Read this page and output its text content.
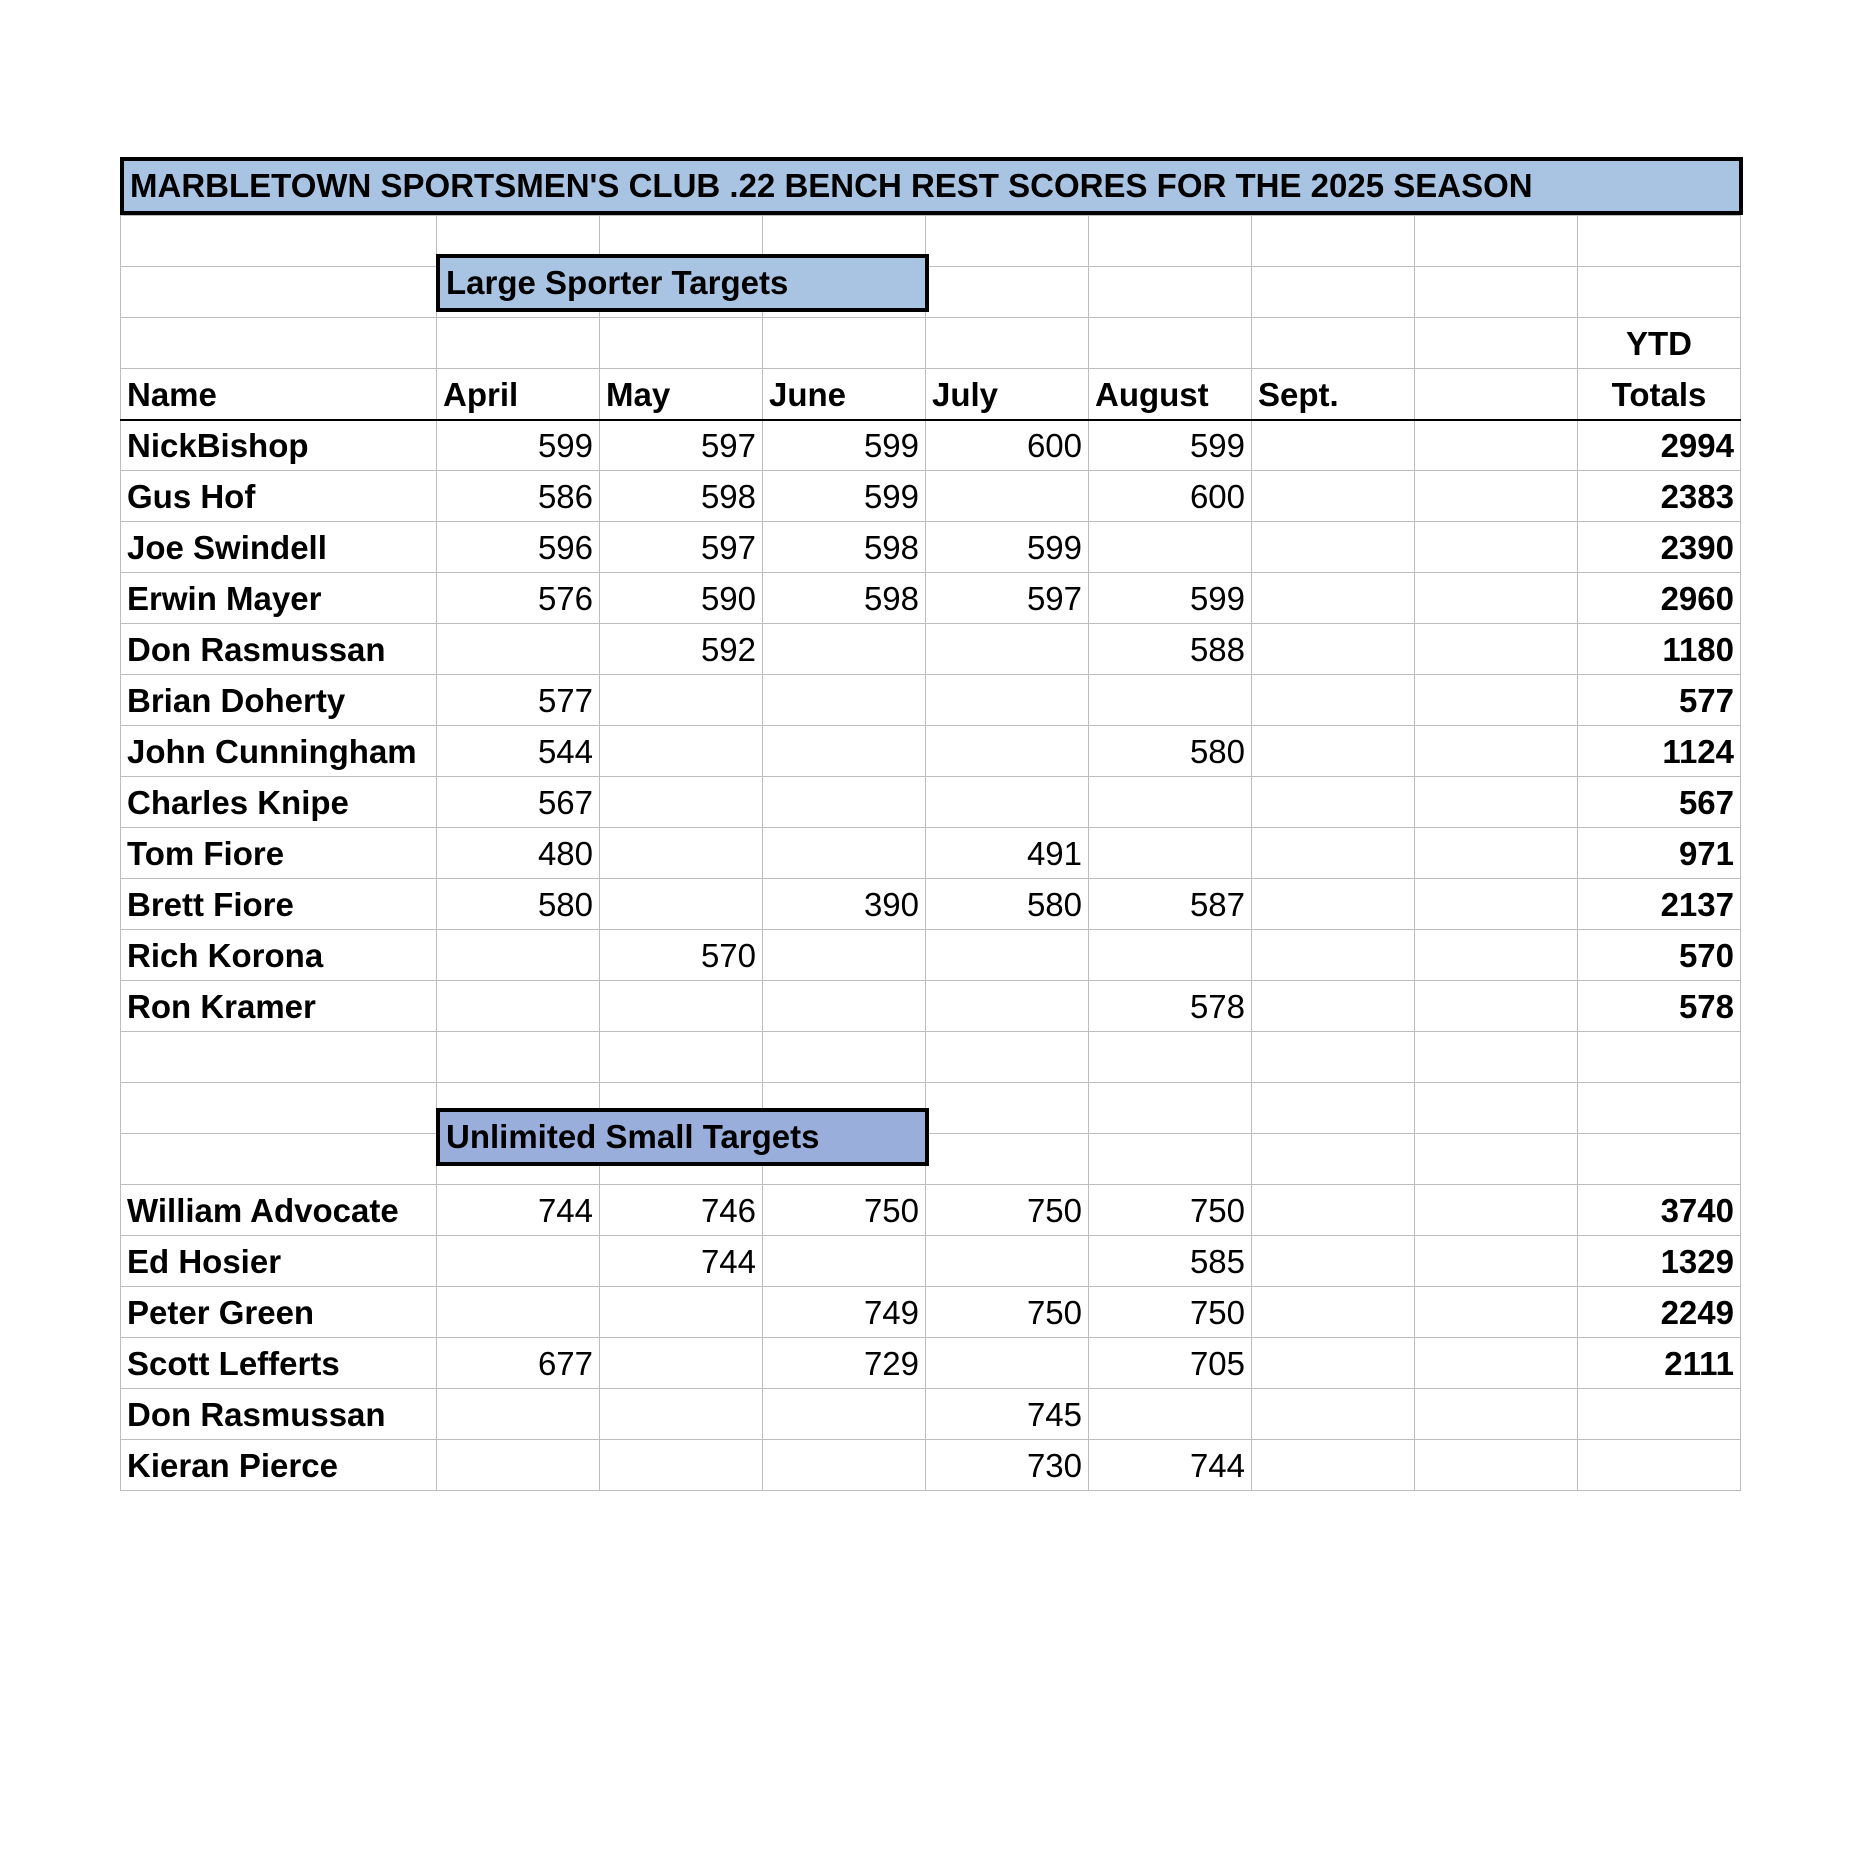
MARBLETOWN SPORTSMEN'S CLUB .22 BENCH REST SCORES FOR THE 2025 SEASON

								YTD
Name	April	May	June	July	August	Sept.		Totals
NickBishop	599	597	599	600	599			2994
Gus Hof	586	598	599		600			2383
Joe Swindell	596	597	598	599				2390
Erwin Mayer	576	590	598	597	599			2960
Don Rasmussan		592			588			1180
Brian Doherty	577							577
John Cunningham	544				580			1124
Charles Knipe	567							567
Tom Fiore	480			491				971
Brett Fiore	580		390	580	587			2137
Rich Korona		570						570
Ron Kramer					578			578

William Advocate	744	746	750	750	750			3740
Ed Hosier		744			585			1329
Peter Green			749	750	750			2249
Scott Lefferts	677		729		705			2111
Don Rasmussan				745				
Kieran Pierce				730	744			
Large Sporter Targets
Unlimited Small Targets
